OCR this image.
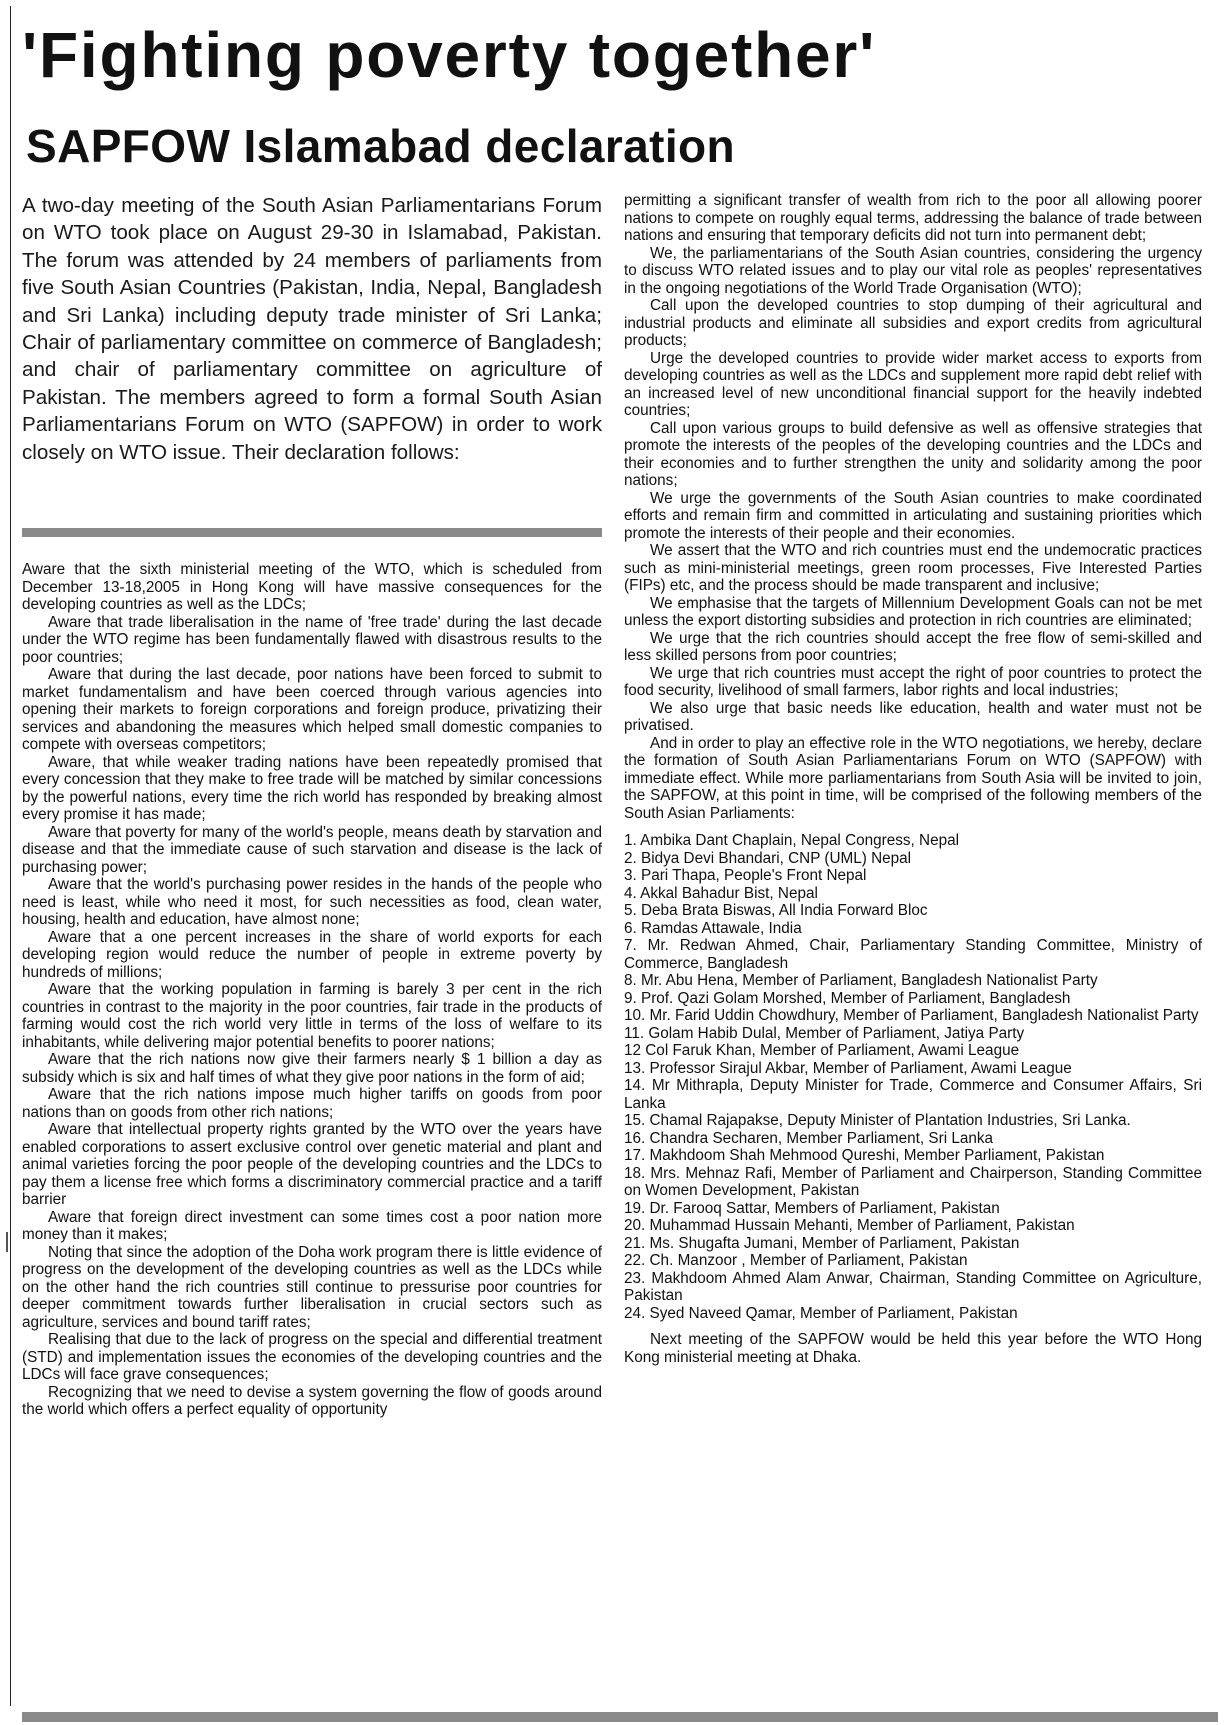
'Fighting poverty together'
SAPFOW Islamabad declaration

A two-day meeting of the South Asian Parliamentarians Forum on WTO took place on August 29-30 in Islamabad, Pakistan. The forum was attended by 24 members of parliaments from five South Asian Countries (Pakistan, India, Nepal, Bangladesh and Sri Lanka) including deputy trade minister of Sri Lanka; Chair of parliamentary committee on commerce of Bangladesh; and chair of parliamentary committee on agriculture of Pakistan. The members agreed to form a formal South Asian Parliamentarians Forum on WTO (SAPFOW) in order to work closely on WTO issue. Their declaration follows:

Aware that the sixth ministerial meeting of the WTO, which is scheduled from December 13-18,2005 in Hong Kong will have massive consequences for the developing countries as well as the LDCs;

Aware that trade liberalisation in the name of 'free trade' during the last decade under the WTO regime has been fundamentally flawed with disastrous results to the poor countries;

Aware that during the last decade, poor nations have been forced to submit to market fundamentalism and have been coerced through various agencies into opening their markets to foreign corporations and foreign produce, privatizing their services and abandoning the measures which helped small domestic companies to compete with overseas competitors;

Aware, that while weaker trading nations have been repeatedly promised that every concession that they make to free trade will be matched by similar concessions by the powerful nations, every time the rich world has responded by breaking almost every promise it has made;

Aware that poverty for many of the world's people, means death by starvation and disease and that the immediate cause of such starvation and disease is the lack of purchasing power;

Aware that the world's purchasing power resides in the hands of the people who need is least, while who need it most, for such necessities as food, clean water, housing, health and education, have almost none;

Aware that a one percent increases in the share of world exports for each developing region would reduce the number of people in extreme poverty by hundreds of millions;

Aware that the working population in farming is barely 3 per cent in the rich countries in contrast to the majority in the poor countries, fair trade in the products of farming would cost the rich world very little in terms of the loss of welfare to its inhabitants, while delivering major potential benefits to poorer nations;

Aware that the rich nations now give their farmers nearly $ 1 billion a day as subsidy which is six and half times of what they give poor nations in the form of aid;

Aware that the rich nations impose much higher tariffs on goods from poor nations than on goods from other rich nations;

Aware that intellectual property rights granted by the WTO over the years have enabled corporations to assert exclusive control over genetic material and plant and animal varieties forcing the poor people of the developing countries and the LDCs to pay them a license free which forms a discriminatory commercial practice and a tariff barrier

Aware that foreign direct investment can some times cost a poor nation more money than it makes;

Noting that since the adoption of the Doha work program there is little evidence of progress on the development of the developing countries as well as the LDCs while on the other hand the rich countries still continue to pressurise poor countries for deeper commitment towards further liberalisation in crucial sectors such as agriculture, services and bound tariff rates;

Realising that due to the lack of progress on the special and differential treatment (STD) and implementation issues the economies of the developing countries and the LDCs will face grave consequences;

Recognizing that we need to devise a system governing the flow of goods around the world which offers a perfect equality of opportunity

permitting a significant transfer of wealth from rich to the poor all allowing poorer nations to compete on roughly equal terms, addressing the balance of trade between nations and ensuring that temporary deficits did not turn into permanent debt;

We, the parliamentarians of the South Asian countries, considering the urgency to discuss WTO related issues and to play our vital role as peoples' representatives in the ongoing negotiations of the World Trade Organisation (WTO);

Call upon the developed countries to stop dumping of their agricultural and industrial products and eliminate all subsidies and export credits from agricultural products;

Urge the developed countries to provide wider market access to exports from developing countries as well as the LDCs and supplement more rapid debt relief with an increased level of new unconditional financial support for the heavily indebted countries;

Call upon various groups to build defensive as well as offensive strategies that promote the interests of the peoples of the developing countries and the LDCs and their economies and to further strengthen the unity and solidarity among the poor nations;

We urge the governments of the South Asian countries to make coordinated efforts and remain firm and committed in articulating and sustaining priorities which promote the interests of their people and their economies.

We assert that the WTO and rich countries must end the undemocratic practices such as mini-ministerial meetings, green room processes, Five Interested Parties (FIPs) etc, and the process should be made transparent and inclusive;

We emphasise that the targets of Millennium Development Goals can not be met unless the export distorting subsidies and protection in rich countries are eliminated;

We urge that the rich countries should accept the free flow of semi-skilled and less skilled persons from poor countries;

We urge that rich countries must accept the right of poor countries to protect the food security, livelihood of small farmers, labor rights and local industries;

We also urge that basic needs like education, health and water must not be privatised.

And in order to play an effective role in the WTO negotiations, we hereby, declare the formation of South Asian Parliamentarians Forum on WTO (SAPFOW) with immediate effect. While more parliamentarians from South Asia will be invited to join, the SAPFOW, at this point in time, will be comprised of the following members of the South Asian Parliaments:

1. Ambika Dant Chaplain, Nepal Congress, Nepal
2. Bidya Devi Bhandari, CNP (UML) Nepal
3. Pari Thapa, People's Front Nepal
4. Akkal Bahadur Bist, Nepal
5. Deba Brata Biswas, All India Forward Bloc
6. Ramdas Attawale, India
7. Mr. Redwan Ahmed, Chair, Parliamentary Standing Committee, Ministry of Commerce, Bangladesh
8. Mr. Abu Hena, Member of Parliament, Bangladesh Nationalist Party
9. Prof. Qazi Golam Morshed, Member of Parliament, Bangladesh
10. Mr. Farid Uddin Chowdhury, Member of Parliament, Bangladesh Nationalist Party
11. Golam Habib Dulal, Member of Parliament, Jatiya Party
12 Col Faruk Khan, Member of Parliament, Awami League
13. Professor Sirajul Akbar, Member of Parliament, Awami League
14. Mr Mithrapla, Deputy Minister for Trade, Commerce and Consumer Affairs, Sri Lanka
15. Chamal Rajapakse, Deputy Minister of Plantation Industries, Sri Lanka.
16. Chandra Secharen, Member Parliament, Sri Lanka
17. Makhdoom Shah Mehmood Qureshi, Member Parliament, Pakistan
18. Mrs. Mehnaz Rafi, Member of Parliament and Chairperson, Standing Committee on Women Development, Pakistan
19. Dr. Farooq Sattar, Members of Parliament, Pakistan
20. Muhammad Hussain Mehanti, Member of Parliament, Pakistan
21. Ms. Shugafta Jumani, Member of Parliament, Pakistan
22. Ch. Manzoor , Member of Parliament, Pakistan
23. Makhdoom Ahmed Alam Anwar, Chairman, Standing Committee on Agriculture, Pakistan
24. Syed Naveed Qamar, Member of Parliament, Pakistan

Next meeting of the SAPFOW would be held this year before the WTO Hong Kong ministerial meeting at Dhaka.
